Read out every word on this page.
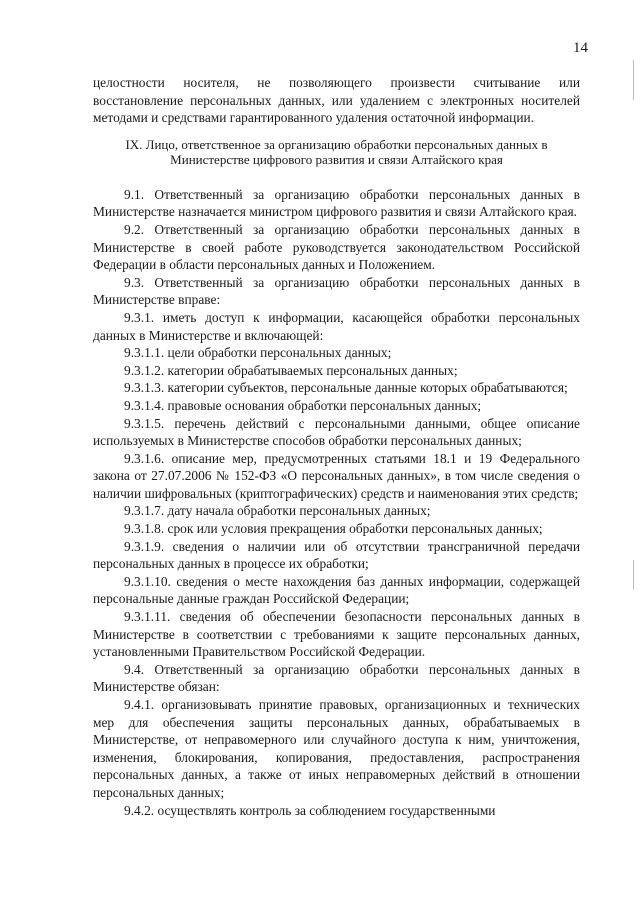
14

целостности носителя, не позволяющего произвести считывание или восстановление персональных данных, или удалением с электронных носителей методами и средствами гарантированного удаления остаточной информации.

IX. Лицо, ответственное за организацию обработки персональных данных в
Министерстве цифрового развития и связи Алтайского края

9.1. Ответственный за организацию обработки персональных данных в Министерстве назначается министром цифрового развития и связи Алтайского края.

9.2. Ответственный за организацию обработки персональных данных в Министерстве в своей работе руководствуется законодательством Российской Федерации в области персональных данных и Положением.

9.3. Ответственный за организацию обработки персональных данных в Министерстве вправе:

9.3.1. иметь доступ к информации, касающейся обработки персональных данных в Министерстве и включающей:

9.3.1.1. цели обработки персональных данных;

9.3.1.2. категории обрабатываемых персональных данных;

9.3.1.3. категории субъектов, персональные данные которых обрабатываются;

9.3.1.4. правовые основания обработки персональных данных;

9.3.1.5. перечень действий с персональными данными, общее описание используемых в Министерстве способов обработки персональных данных;

9.3.1.6. описание мер, предусмотренных статьями 18.1 и 19 Федерального закона от 27.07.2006 № 152-ФЗ «О персональных данных», в том числе сведения о наличии шифровальных (криптографических) средств и наименования этих средств;

9.3.1.7. дату начала обработки персональных данных;

9.3.1.8. срок или условия прекращения обработки персональных данных;

9.3.1.9. сведения о наличии или об отсутствии трансграничной передачи персональных данных в процессе их обработки;

9.3.1.10. сведения о месте нахождения баз данных информации, содержащей персональные данные граждан Российской Федерации;

9.3.1.11. сведения об обеспечении безопасности персональных данных в Министерстве в соответствии с требованиями к защите персональных данных, установленными Правительством Российской Федерации.

9.4. Ответственный за организацию обработки персональных данных в Министерстве обязан:

9.4.1. организовывать принятие правовых, организационных и технических мер для обеспечения защиты персональных данных, обрабатываемых в Министерстве, от неправомерного или случайного доступа к ним, уничтожения, изменения, блокирования, копирования, предоставления, распространения персональных данных, а также от иных неправомерных действий в отношении персональных данных;

9.4.2. осуществлять контроль за соблюдением государственными
